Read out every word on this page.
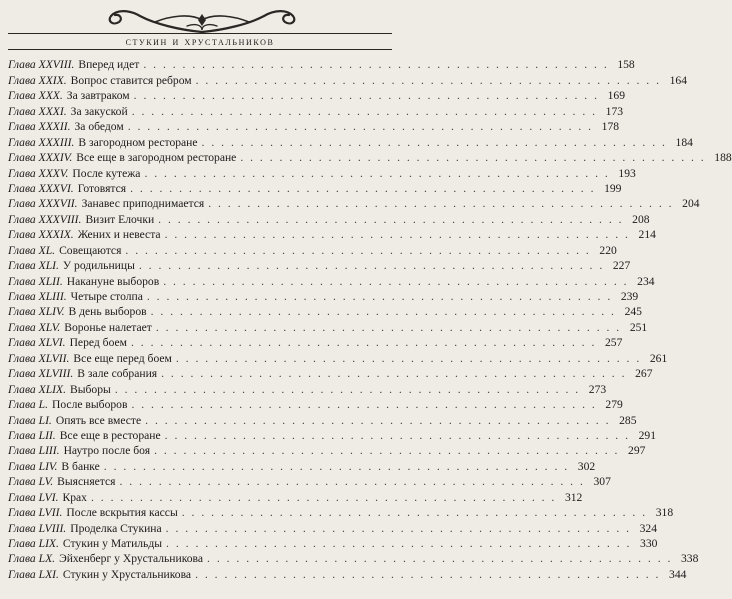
стукин и хрустальников
Глава XXVIII. Вперед идет . . . . . . . . . . . . . . . . . . . . . . . . . . . . . . . . . . . . . . . . . . . . . . . . 158
Глава XXIX. Вопрос ставится ребром . . . . . . . . . . . . . . . . . . . . . . . . . . . . . . . . . . . . . . . . . . . . . . . . 164
Глава XXX. За завтраком . . . . . . . . . . . . . . . . . . . . . . . . . . . . . . . . . . . . . . . . . . . . . . . . 169
Глава XXXI. За закуской . . . . . . . . . . . . . . . . . . . . . . . . . . . . . . . . . . . . . . . . . . . . . . . . 173
Глава XXXII. За обедом . . . . . . . . . . . . . . . . . . . . . . . . . . . . . . . . . . . . . . . . . . . . . . . . 178
Глава XXXIII. В загородном ресторане . . . . . . . . . . . . . . . . . . . . . . . . . . . . . . . . . . . . . . . . . . . . . . . . 184
Глава XXXIV. Все еще в загородном ресторане . . . . . . . . . . . . . . . . . . . . . . . . . . . . . . . . . . . . . . . . . . . . . . . . 188
Глава XXXV. После кутежа . . . . . . . . . . . . . . . . . . . . . . . . . . . . . . . . . . . . . . . . . . . . . . . . 193
Глава XXXVI. Готовятся . . . . . . . . . . . . . . . . . . . . . . . . . . . . . . . . . . . . . . . . . . . . . . . . 199
Глава XXXVII. Занавес приподнимается . . . . . . . . . . . . . . . . . . . . . . . . . . . . . . . . . . . . . . . . . . . . . . . . 204
Глава XXXVIII. Визит Елочки . . . . . . . . . . . . . . . . . . . . . . . . . . . . . . . . . . . . . . . . . . . . . . . . 208
Глава XXXIX. Жених и невеста . . . . . . . . . . . . . . . . . . . . . . . . . . . . . . . . . . . . . . . . . . . . . . . . 214
Глава XL. Совещаются . . . . . . . . . . . . . . . . . . . . . . . . . . . . . . . . . . . . . . . . . . . . . . . . 220
Глава XLI. У родильницы . . . . . . . . . . . . . . . . . . . . . . . . . . . . . . . . . . . . . . . . . . . . . . . . 227
Глава XLII. Накануне выборов . . . . . . . . . . . . . . . . . . . . . . . . . . . . . . . . . . . . . . . . . . . . . . . . 234
Глава XLIII. Четыре столпа . . . . . . . . . . . . . . . . . . . . . . . . . . . . . . . . . . . . . . . . . . . . . . . . 239
Глава XLIV. В день выборов . . . . . . . . . . . . . . . . . . . . . . . . . . . . . . . . . . . . . . . . . . . . . . . . 245
Глава XLV. Воронье налетает . . . . . . . . . . . . . . . . . . . . . . . . . . . . . . . . . . . . . . . . . . . . . . . . 251
Глава XLVI. Перед боем . . . . . . . . . . . . . . . . . . . . . . . . . . . . . . . . . . . . . . . . . . . . . . . . 257
Глава XLVII. Все еще перед боем . . . . . . . . . . . . . . . . . . . . . . . . . . . . . . . . . . . . . . . . . . . . . . . . 261
Глава XLVIII. В зале собрания . . . . . . . . . . . . . . . . . . . . . . . . . . . . . . . . . . . . . . . . . . . . . . . . 267
Глава XLIX. Выборы . . . . . . . . . . . . . . . . . . . . . . . . . . . . . . . . . . . . . . . . . . . . . . . . 273
Глава L. После выборов . . . . . . . . . . . . . . . . . . . . . . . . . . . . . . . . . . . . . . . . . . . . . . . . 279
Глава LI. Опять все вместе . . . . . . . . . . . . . . . . . . . . . . . . . . . . . . . . . . . . . . . . . . . . . . . . 285
Глава LII. Все еще в ресторане . . . . . . . . . . . . . . . . . . . . . . . . . . . . . . . . . . . . . . . . . . . . . . . . 291
Глава LIII. Наутро после боя . . . . . . . . . . . . . . . . . . . . . . . . . . . . . . . . . . . . . . . . . . . . . . . . 297
Глава LIV. В банке . . . . . . . . . . . . . . . . . . . . . . . . . . . . . . . . . . . . . . . . . . . . . . . . 302
Глава LV. Выясняется . . . . . . . . . . . . . . . . . . . . . . . . . . . . . . . . . . . . . . . . . . . . . . . . 307
Глава LVI. Крах . . . . . . . . . . . . . . . . . . . . . . . . . . . . . . . . . . . . . . . . . . . . . . . . 312
Глава LVII. После вскрытия кассы . . . . . . . . . . . . . . . . . . . . . . . . . . . . . . . . . . . . . . . . . . . . . . . . 318
Глава LVIII. Проделка Стукина . . . . . . . . . . . . . . . . . . . . . . . . . . . . . . . . . . . . . . . . . . . . . . . . 324
Глава LIX. Стукин у Матильды . . . . . . . . . . . . . . . . . . . . . . . . . . . . . . . . . . . . . . . . . . . . . . . . 330
Глава LX. Эйхенберг у Хрустальникова . . . . . . . . . . . . . . . . . . . . . . . . . . . . . . . . . . . . . . . . . . . . . . . . 338
Глава LXI. Стукин у Хрустальникова . . . . . . . . . . . . . . . . . . . . . . . . . . . . . . . . . . . . . . . . . . . . . . . . 344
